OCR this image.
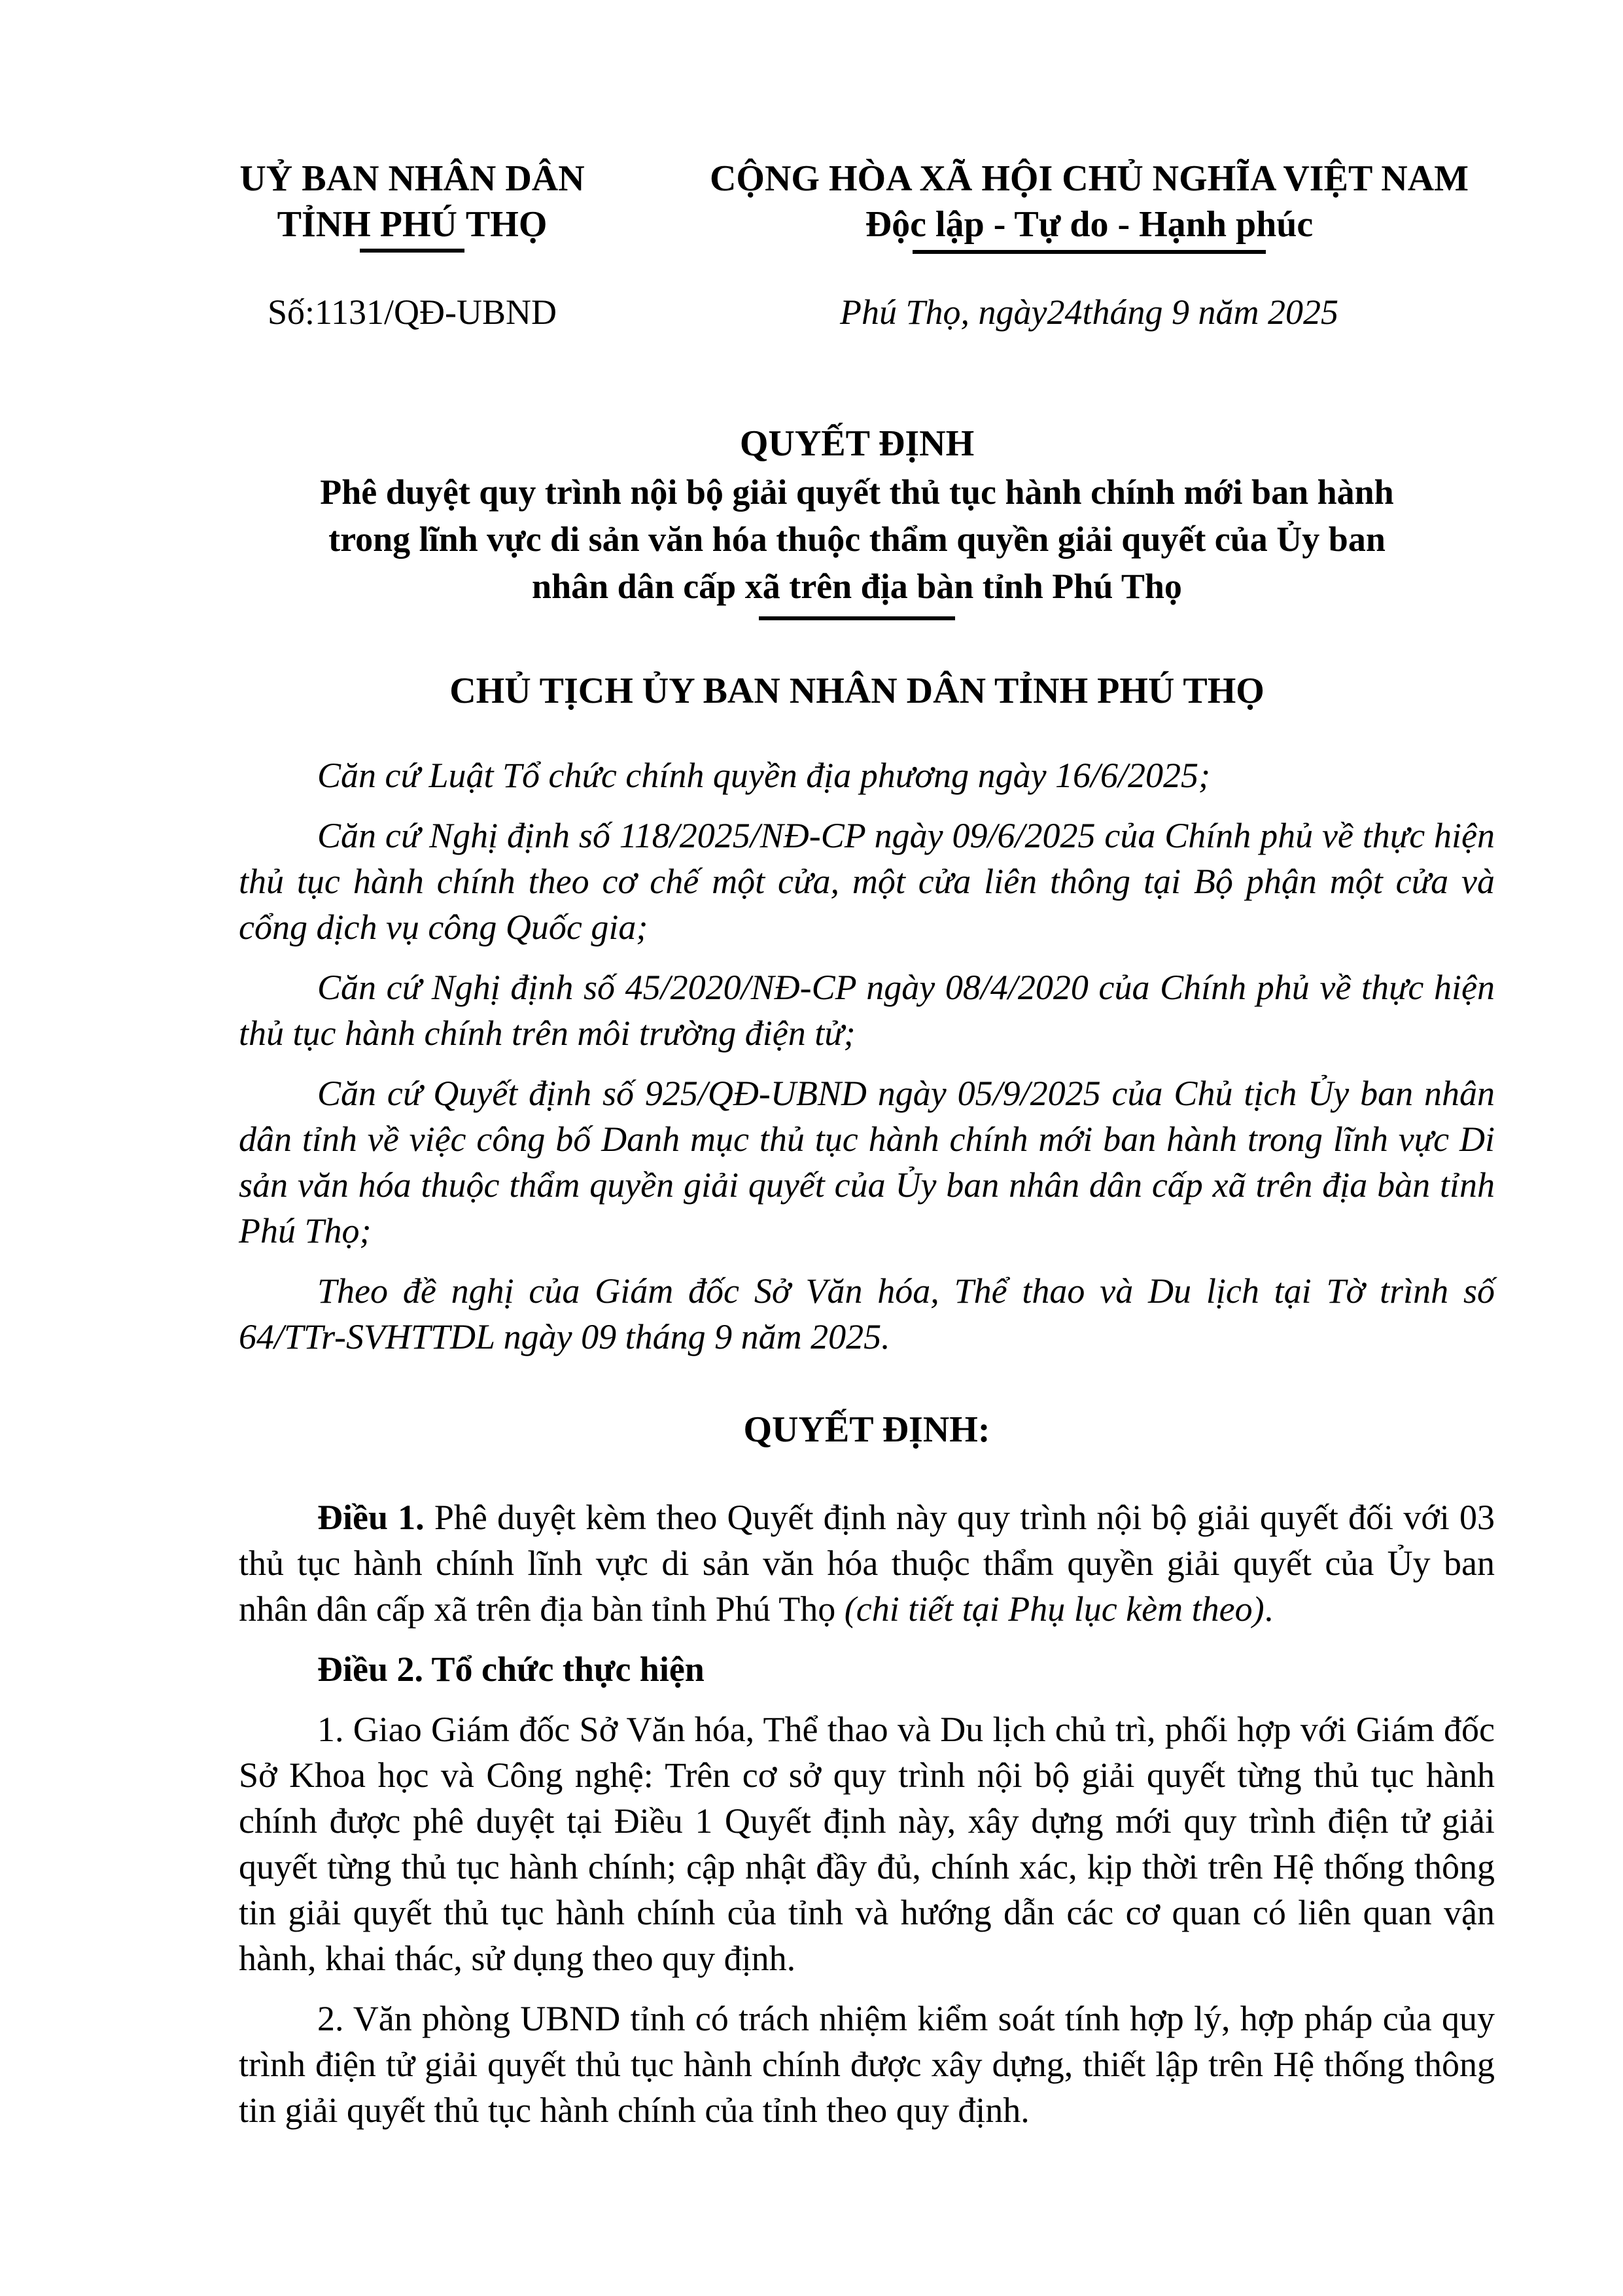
UỶ BAN NHÂN DÂN
TỈNH PHÚ THỌ
CỘNG HÒA XÃ HỘI CHỦ NGHĨA VIỆT NAM
Độc lập - Tự do - Hạnh phúc
Số:1131/QĐ-UBND	Phú Thọ, ngày24tháng 9 năm 2025
QUYẾT ĐỊNH
Phê duyệt quy trình nội bộ giải quyết thủ tục hành chính mới ban hành
trong lĩnh vực di sản văn hóa thuộc thẩm quyền giải quyết của Ủy ban
nhân dân cấp xã trên địa bàn tỉnh Phú Thọ
CHỦ TỊCH ỦY BAN NHÂN DÂN TỈNH PHÚ THỌ

Căn cứ Luật Tổ chức chính quyền địa phương ngày 16/6/2025;

Căn cứ Nghị định số 118/2025/NĐ-CP ngày 09/6/2025 của Chính phủ về thực hiện thủ tục hành chính theo cơ chế một cửa, một cửa liên thông tại Bộ phận một cửa và cổng dịch vụ công Quốc gia;

Căn cứ Nghị định số 45/2020/NĐ-CP ngày 08/4/2020 của Chính phủ về thực hiện thủ tục hành chính trên môi trường điện tử;

Căn cứ Quyết định số 925/QĐ-UBND ngày 05/9/2025 của Chủ tịch Ủy ban nhân dân tỉnh về việc công bố Danh mục thủ tục hành chính mới ban hành trong lĩnh vực Di sản văn hóa thuộc thẩm quyền giải quyết của Ủy ban nhân dân cấp xã trên địa bàn tỉnh Phú Thọ;

Theo đề nghị của Giám đốc Sở Văn hóa, Thể thao và Du lịch tại Tờ trình số 64/TTr-SVHTTDL ngày 09 tháng 9 năm 2025.

QUYẾT ĐỊNH:

Điều 1. Phê duyệt kèm theo Quyết định này quy trình nội bộ giải quyết đối với 03 thủ tục hành chính lĩnh vực di sản văn hóa thuộc thẩm quyền giải quyết của Ủy ban nhân dân cấp xã trên địa bàn tỉnh Phú Thọ (chi tiết tại Phụ lục kèm theo).

Điều 2. Tổ chức thực hiện

1. Giao Giám đốc Sở Văn hóa, Thể thao và Du lịch chủ trì, phối hợp với Giám đốc Sở Khoa học và Công nghệ: Trên cơ sở quy trình nội bộ giải quyết từng thủ tục hành chính được phê duyệt tại Điều 1 Quyết định này, xây dựng mới quy trình điện tử giải quyết từng thủ tục hành chính; cập nhật đầy đủ, chính xác, kịp thời trên Hệ thống thông tin giải quyết thủ tục hành chính của tỉnh và hướng dẫn các cơ quan có liên quan vận hành, khai thác, sử dụng theo quy định.

2. Văn phòng UBND tỉnh có trách nhiệm kiểm soát tính hợp lý, hợp pháp của quy trình điện tử giải quyết thủ tục hành chính được xây dựng, thiết lập trên Hệ thống thông tin giải quyết thủ tục hành chính của tỉnh theo quy định.
